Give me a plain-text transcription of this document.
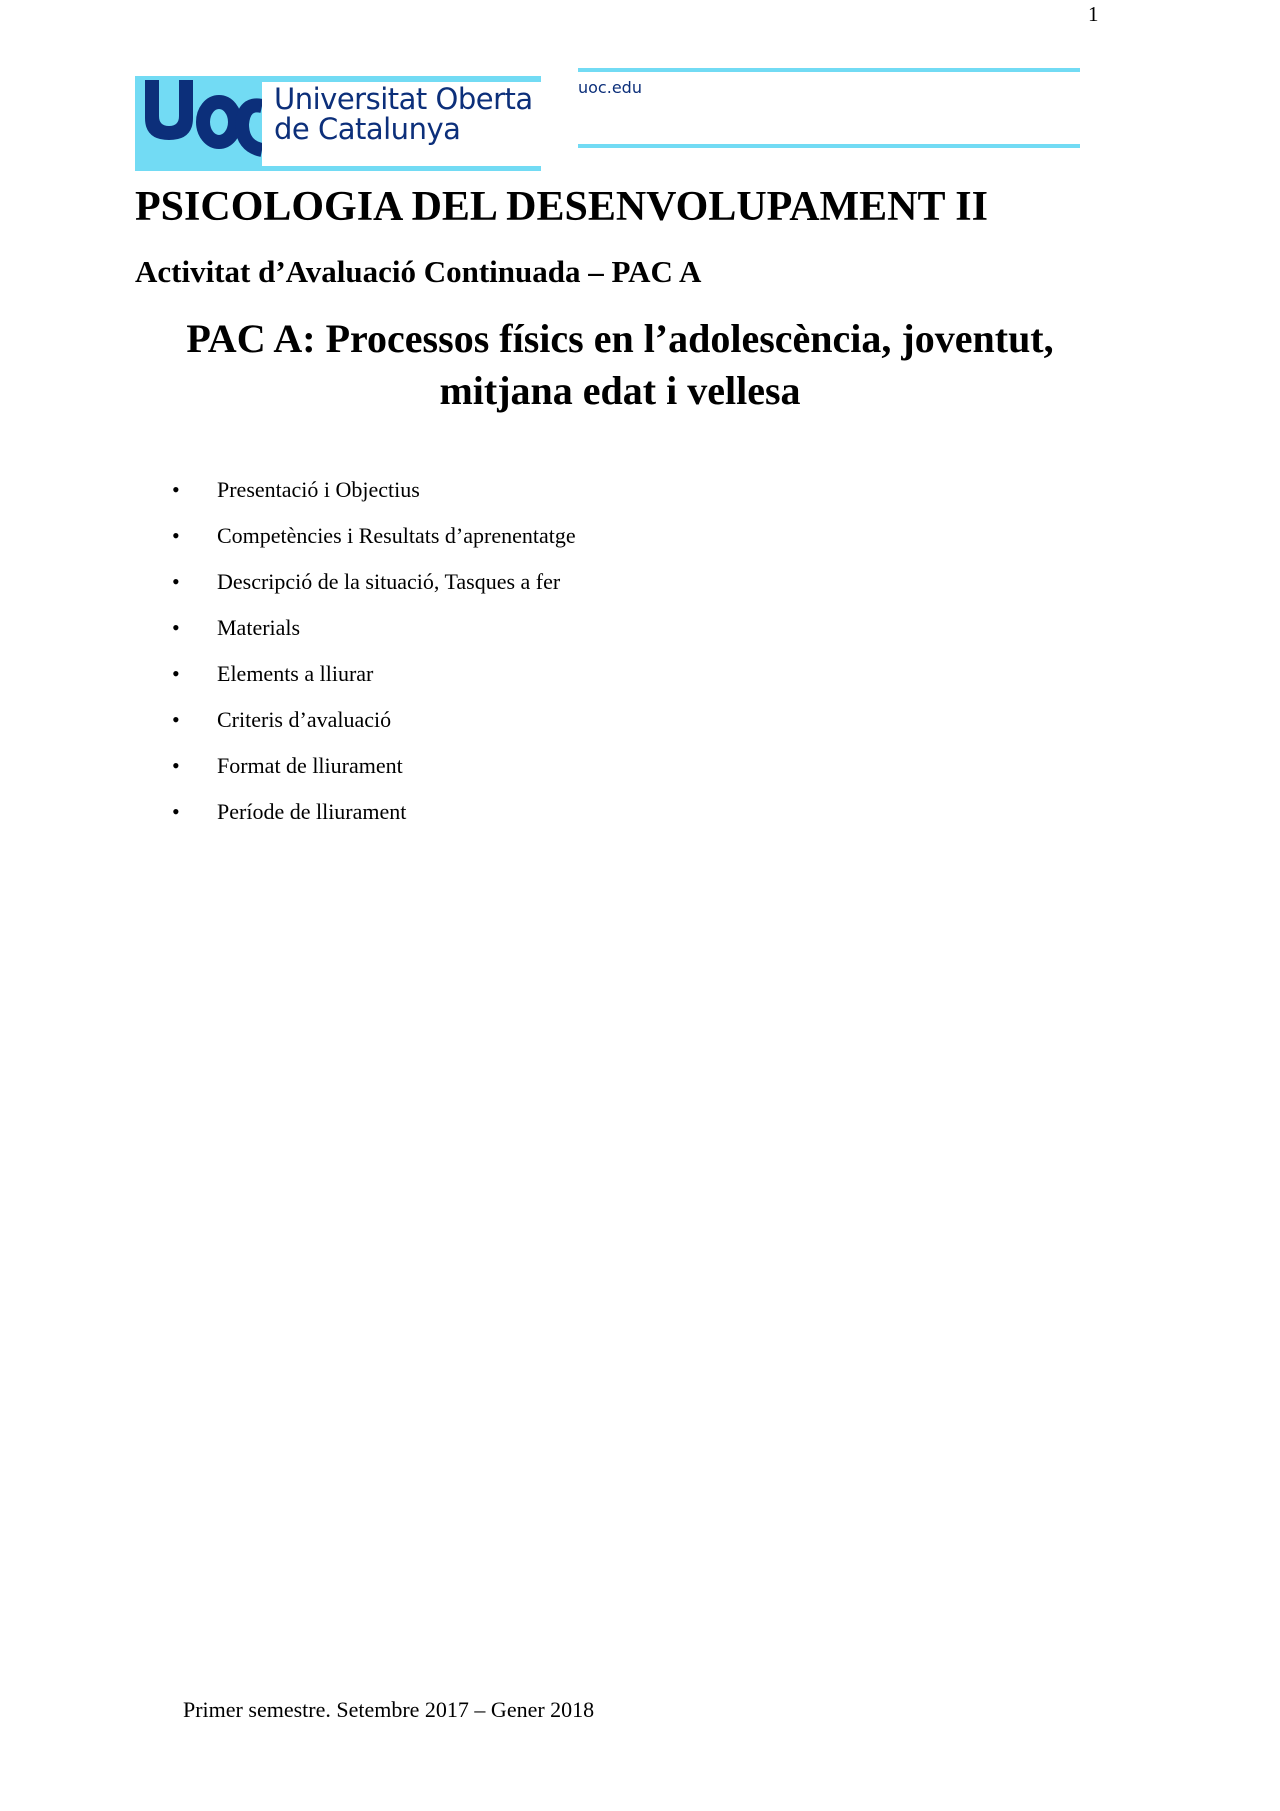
1
Universitat Oberta
de Catalunya
uoc.edu
PSICOLOGIA DEL DESENVOLUPAMENT II
Activitat d’Avaluació Continuada – PAC A
PAC A: Processos físics en l’adolescència, joventut,
mitjana edat i vellesa
•	Presentació i Objectius
•	Competències i Resultats d’aprenentatge
•	Descripció de la situació, Tasques a fer
•	Materials
•	Elements a lliurar
•	Criteris d’avaluació
•	Format de lliurament
•	Període de lliurament
Primer semestre. Setembre 2017 – Gener 2018
